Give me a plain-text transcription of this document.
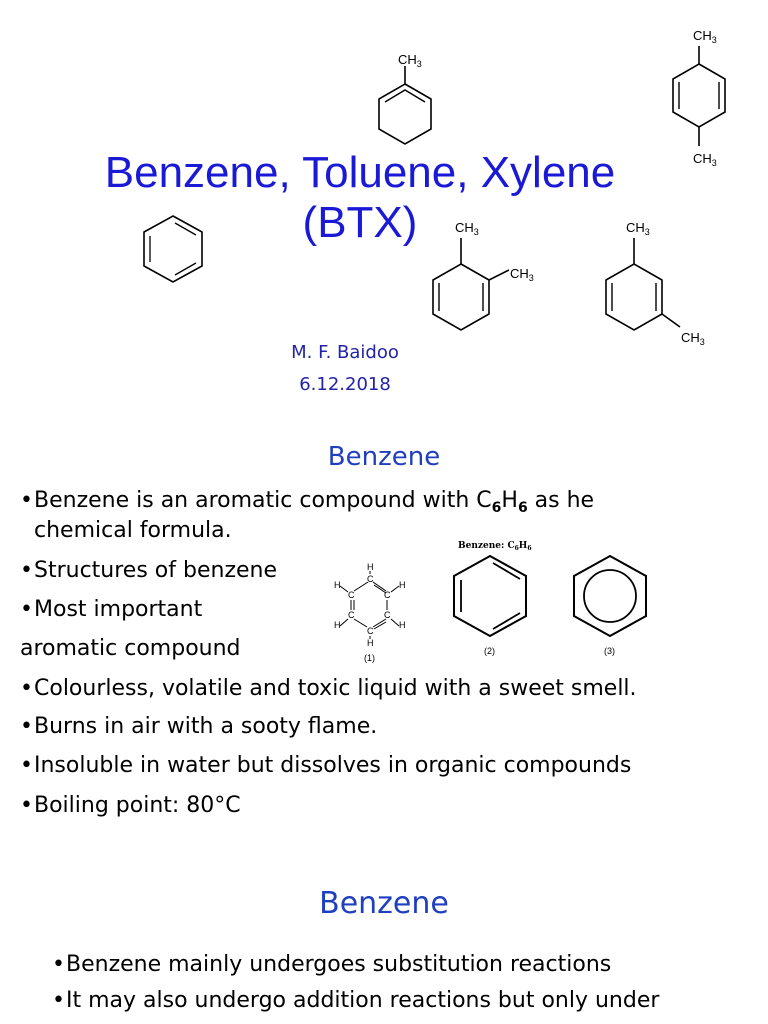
$CH_3$
$CH_3$
$CH_3$
Benzene, Toluene, Xylene
(BTX)	$CH_3$
$CH_3$
$CH_3$
$CH_3$
M. F. Baidoo
6.12.2018
Benzene
•Benzene is an aromatic compound with $C_6H_6$ as he
chemical formula.
•Structures of benzene
•Most important
aromatic compound
Benzene: $C_6H_6$
H
C
H	H
C	C
C	C
H	H
C
H
(1)
(2)	(3)
•Colourless, volatile and toxic liquid with a sweet smell.
•Burns in air with a sooty flame.
•Insoluble in water but dissolves in organic compounds
•Boiling point: 80°C
Benzene
•Benzene mainly undergoes substitution reactions
•It may also undergo addition reactions but only under
